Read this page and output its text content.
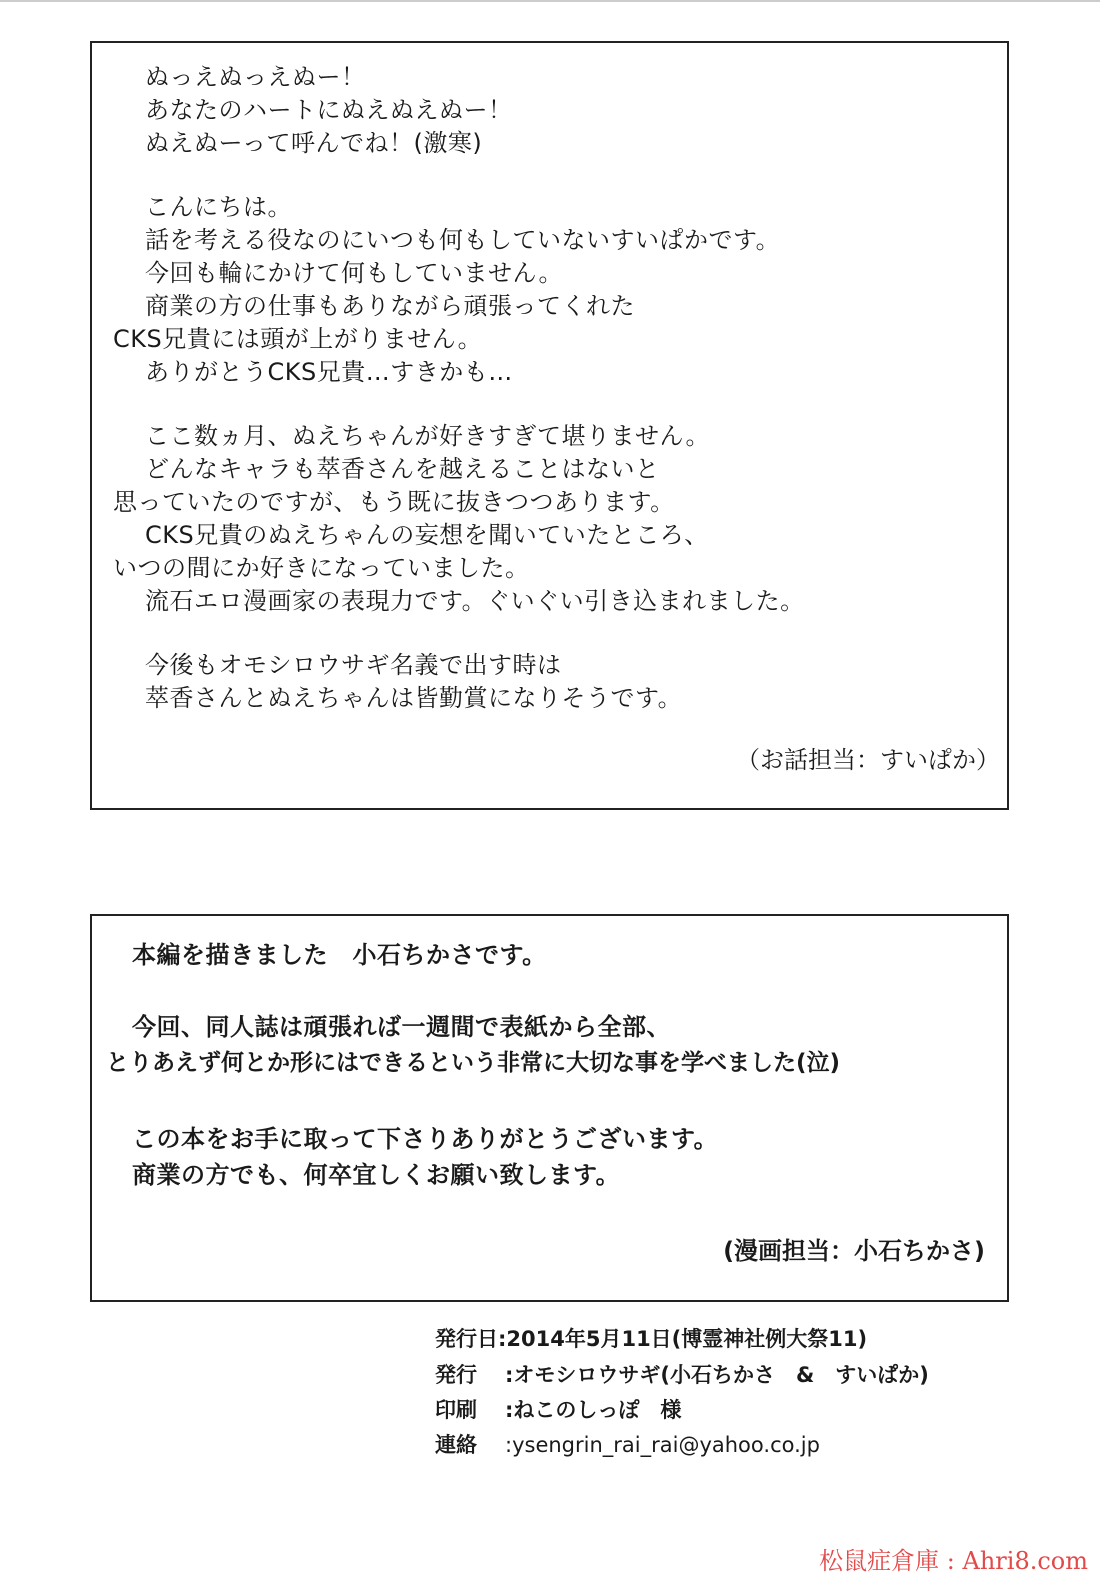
ぬっえぬっえぬー！
あなたのハートにぬえぬえぬー！
ぬえぬーって呼んでね！(激寒)
こんにちは。
話を考える役なのにいつも何もしていないすいぱかです。
今回も輪にかけて何もしていません。
商業の方の仕事もありながら頑張ってくれた
CKS兄貴には頭が上がりません。
ありがとうCKS兄貴…すきかも…
ここ数ヵ月、ぬえちゃんが好きすぎて堪りません。
どんなキャラも萃香さんを越えることはないと
思っていたのですが、もう既に抜きつつあります。
CKS兄貴のぬえちゃんの妄想を聞いていたところ、
いつの間にか好きになっていました。
流石エロ漫画家の表現力です。ぐいぐい引き込まれました。
今後もオモシロウサギ名義で出す時は
萃香さんとぬえちゃんは皆勤賞になりそうです。
（お話担当：すいぱか）
本編を描きました　小石ちかさです。
今回、同人誌は頑張れば一週間で表紙から全部、
とりあえず何とか形にはできるという非常に大切な事を学べました(泣)
この本をお手に取って下さりありがとうございます。
商業の方でも、何卒宜しくお願い致します。
(漫画担当：小石ちかさ)
発行日:2014年5月11日(博霊神社例大祭11)
発行 :オモシロウサギ(小石ちかさ　&　すいぱか)
印刷 :ねこのしっぽ　様
連絡 :ysengrin_rai_rai@yahoo.co.jp
松鼠症倉庫 : Ahri8.com
